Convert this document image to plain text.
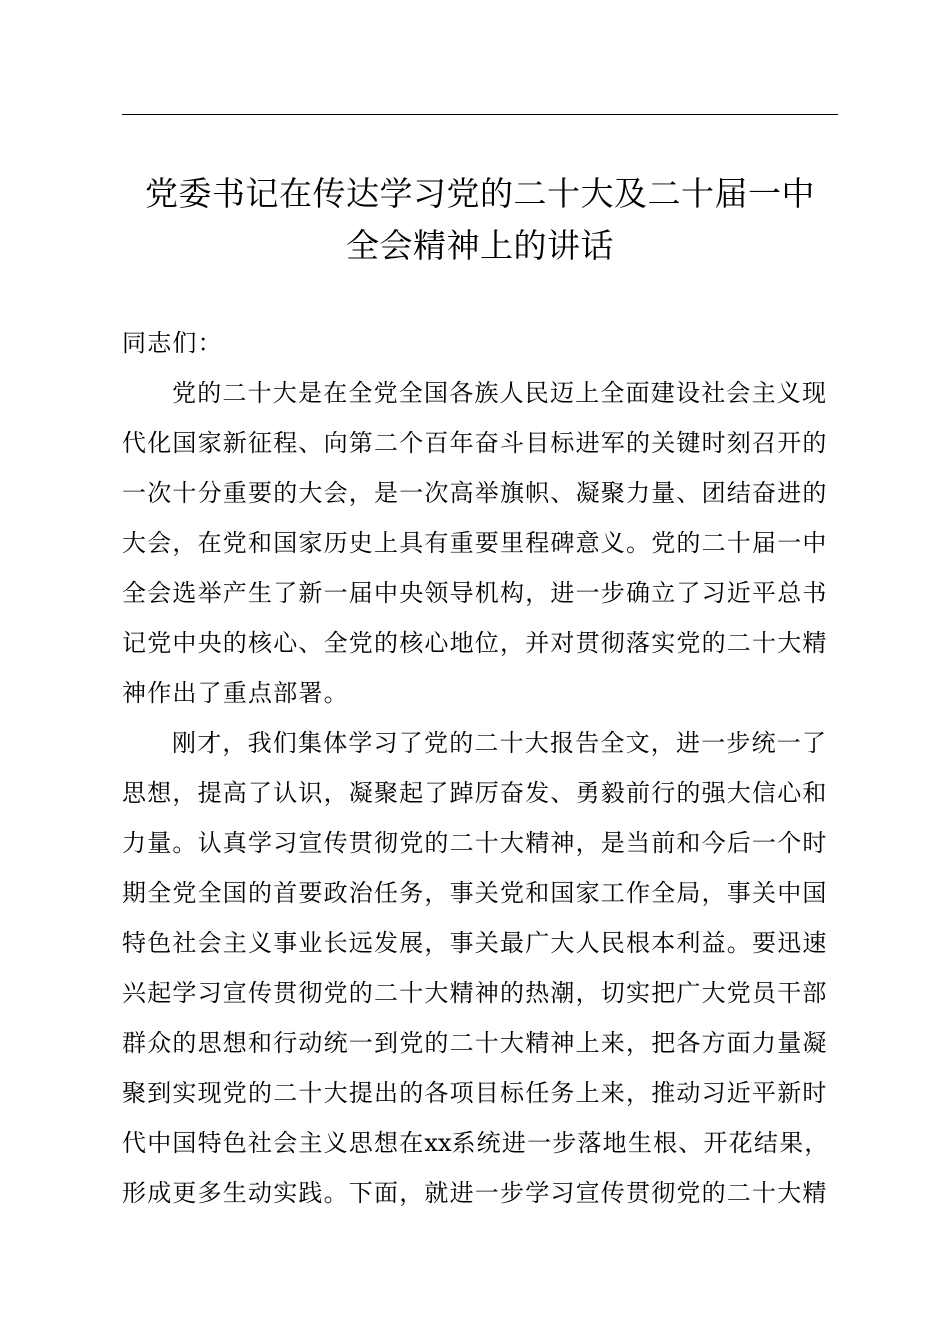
党委书记在传达学习党的二十大及二十届一中
全会精神上的讲话
同志们：
党的二十大是在全党全国各族人民迈上全面建设社会主义现
代化国家新征程、向第二个百年奋斗目标进军的关键时刻召开的
一次十分重要的大会，是一次高举旗帜、凝聚力量、团结奋进的
大会，在党和国家历史上具有重要里程碑意义。党的二十届一中
全会选举产生了新一届中央领导机构，进一步确立了习近平总书
记党中央的核心、全党的核心地位，并对贯彻落实党的二十大精
神作出了重点部署。
刚才，我们集体学习了党的二十大报告全文，进一步统一了
思想，提高了认识，凝聚起了踔厉奋发、勇毅前行的强大信心和
力量。认真学习宣传贯彻党的二十大精神，是当前和今后一个时
期全党全国的首要政治任务，事关党和国家工作全局，事关中国
特色社会主义事业长远发展，事关最广大人民根本利益。要迅速
兴起学习宣传贯彻党的二十大精神的热潮，切实把广大党员干部
群众的思想和行动统一到党的二十大精神上来，把各方面力量凝
聚到实现党的二十大提出的各项目标任务上来，推动习近平新时
代中国特色社会主义思想在xx系统进一步落地生根、开花结果，
形成更多生动实践。下面，就进一步学习宣传贯彻党的二十大精
